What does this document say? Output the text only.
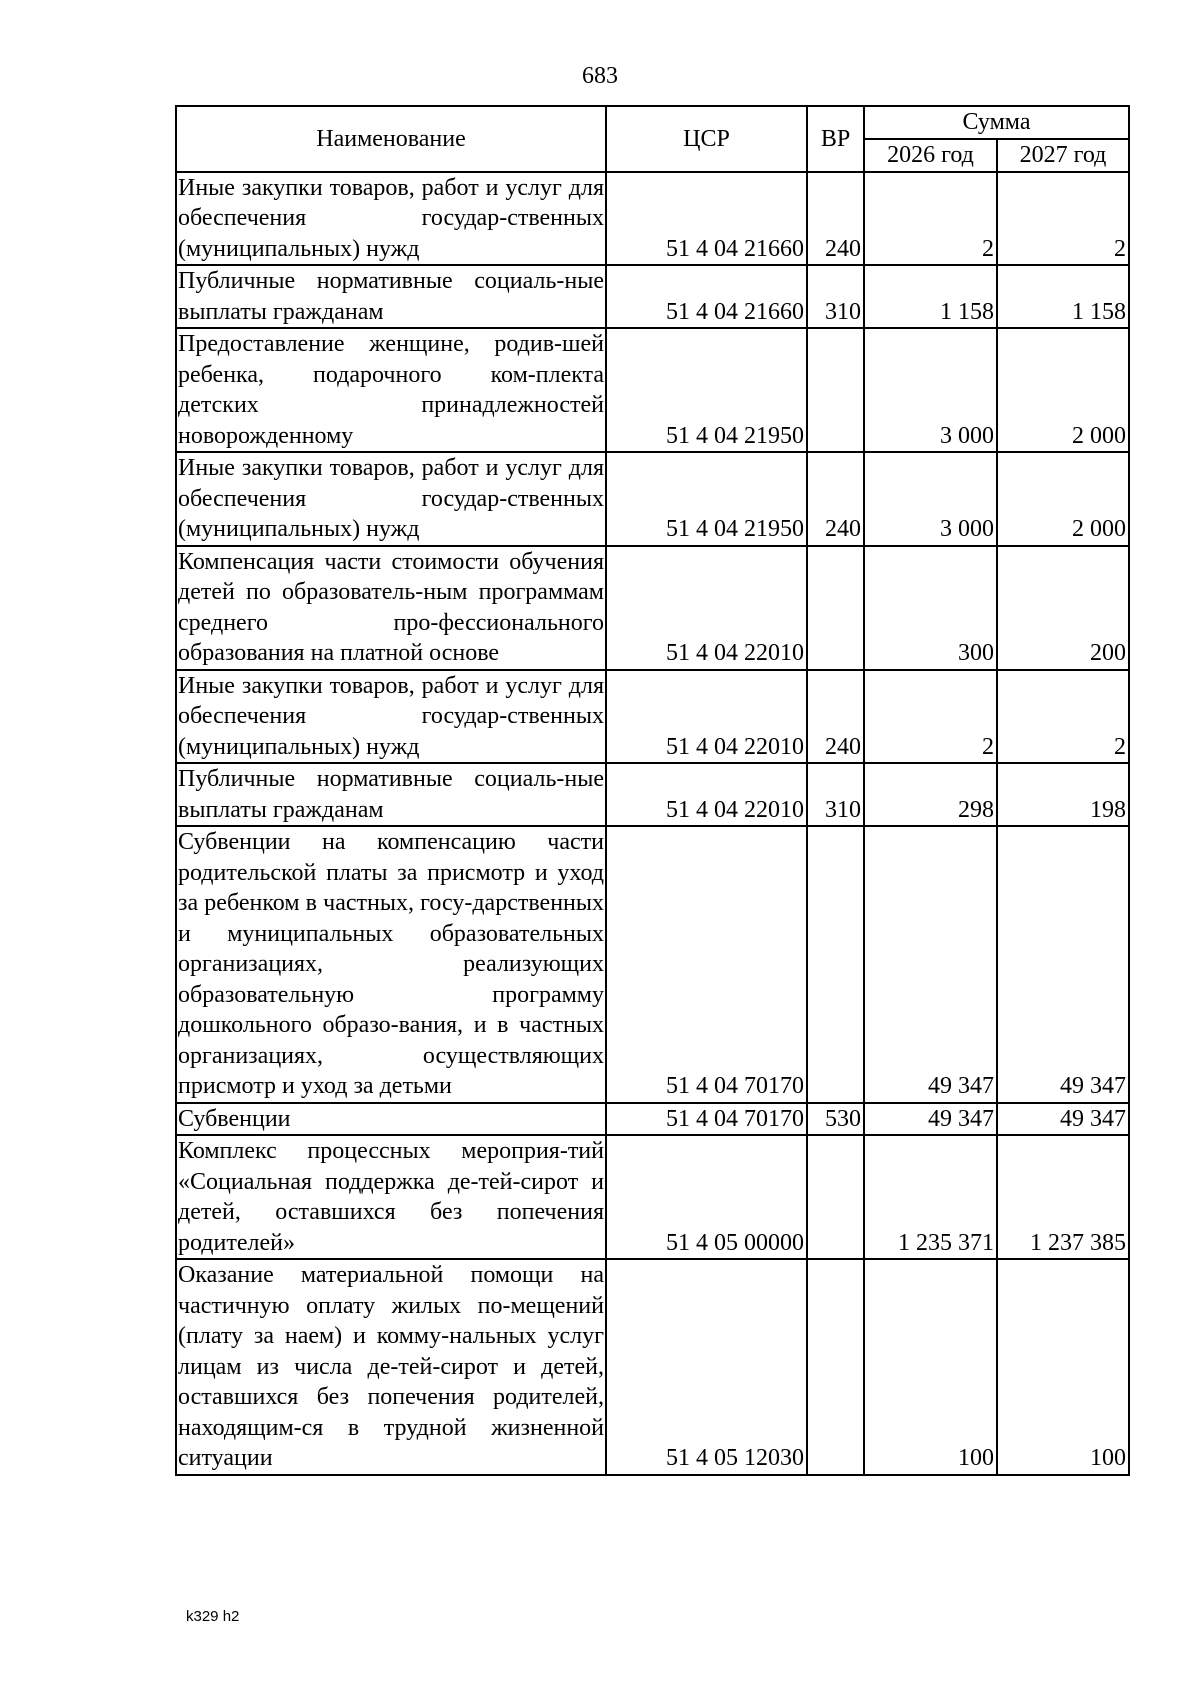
683
Наименование	ЦСР	ВР	Сумма	
			2026 год	2027 год
Иные закупки товаров, работ и услуг для обеспечения государ-ственных (муниципальных) нужд	51 4 04 21660	240	2	2
Публичные нормативные социаль-ные выплаты гражданам	51 4 04 21660	310	1 158	1 158
Предоставление женщине, родив-шей ребенка, подарочного ком-плекта детских принадлежностей новорожденному	51 4 04 21950		3 000	2 000
Иные закупки товаров, работ и услуг для обеспечения государ-ственных (муниципальных) нужд	51 4 04 21950	240	3 000	2 000
Компенсация части стоимости обучения детей по образователь-ным программам среднего про-фессионального образования на платной основе	51 4 04 22010		300	200
Иные закупки товаров, работ и услуг для обеспечения государ-ственных (муниципальных) нужд	51 4 04 22010	240	2	2
Публичные нормативные социаль-ные выплаты гражданам	51 4 04 22010	310	298	198
Субвенции на компенсацию части родительской платы за присмотр и уход за ребенком в частных, госу-дарственных и муниципальных образовательных организациях, реализующих образовательную программу дошкольного образо-вания, и в частных организациях, осуществляющих присмотр и уход за детьми	51 4 04 70170		49 347	49 347
Субвенции	51 4 04 70170	530	49 347	49 347
Комплекс процессных мероприя-тий «Социальная поддержка де-тей-сирот и детей, оставшихся без попечения родителей»	51 4 05 00000		1 235 371	1 237 385
Оказание материальной помощи на частичную оплату жилых по-мещений (плату за наем) и комму-нальных услуг лицам из числа де-тей-сирот и детей, оставшихся без попечения родителей, находящим-ся в трудной жизненной ситуации	51 4 05 12030		100	100
k329 h2
